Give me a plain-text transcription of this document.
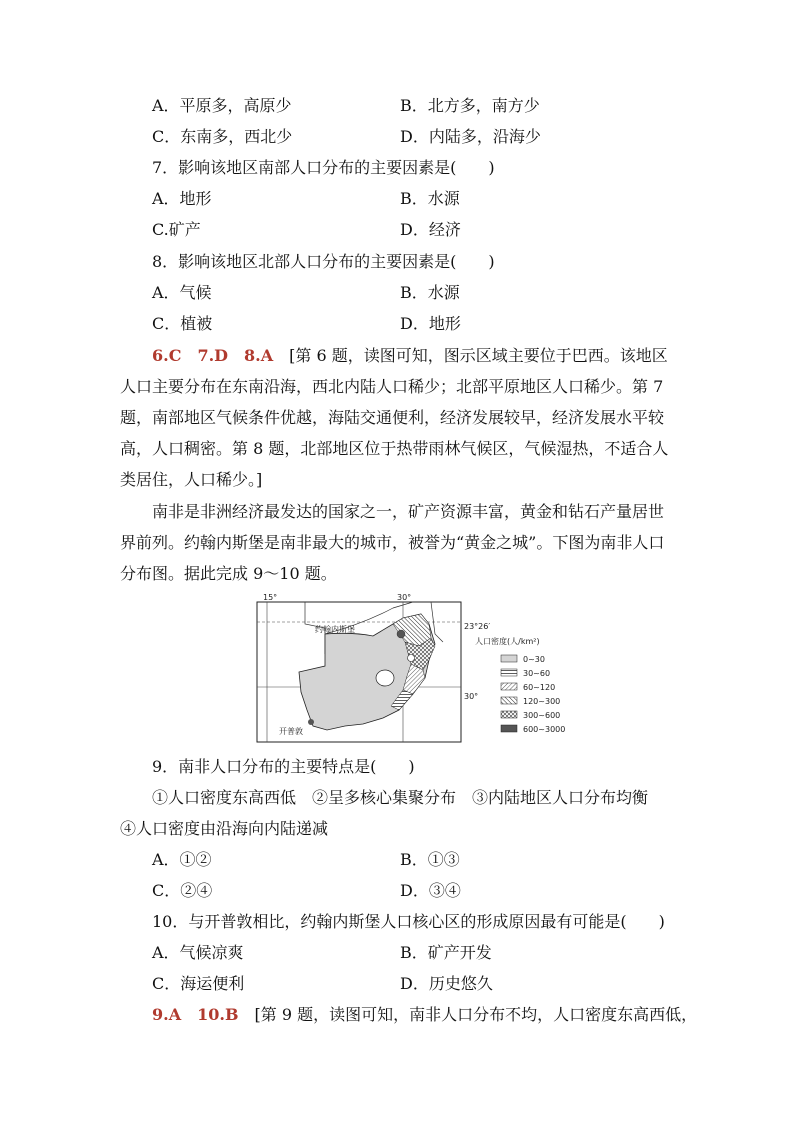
A．平原多，高原少	B．北方多，南方少
C．东南多，西北少	D．内陆多，沿海少
7．影响该地区南部人口分布的主要因素是(　　)
A．地形	B．水源
C.矿产	D．经济
8．影响该地区北部人口分布的主要因素是(　　)
A．气候	B．水源
C．植被	D．地形
6.C　7.D　8.A　[第 6 题，读图可知，图示区域主要位于巴西。该地区人口主要分布在东南沿海，西北内陆人口稀少；北部平原地区人口稀少。第 7 题，南部地区气候条件优越，海陆交通便利，经济发展较早，经济发展水平较高，人口稠密。第 8 题，北部地区位于热带雨林气候区，气候湿热，不适合人类居住，人口稀少。]
南非是非洲经济最发达的国家之一，矿产资源丰富，黄金和钻石产量居世界前列。约翰内斯堡是南非最大的城市，被誉为“黄金之城”。下图为南非人口分布图。据此完成 9～10 题。
15°	30°
23°26′
30°
约翰内斯堡
开普敦
人口密度(人/km²)
0~30
30~60
60~120
120~300
300~600
600~3000
9．南非人口分布的主要特点是(　　)
①人口密度东高西低　②呈多核心集聚分布　③内陆地区人口分布均衡
④人口密度由沿海向内陆递减
A．①②	B．①③
C．②④	D．③④
10．与开普敦相比，约翰内斯堡人口核心区的形成原因最有可能是(　　)
A．气候凉爽	B．矿产开发
C．海运便利	D．历史悠久
9.A　10.B　[第 9 题，读图可知，南非人口分布不均，人口密度东高西低，
